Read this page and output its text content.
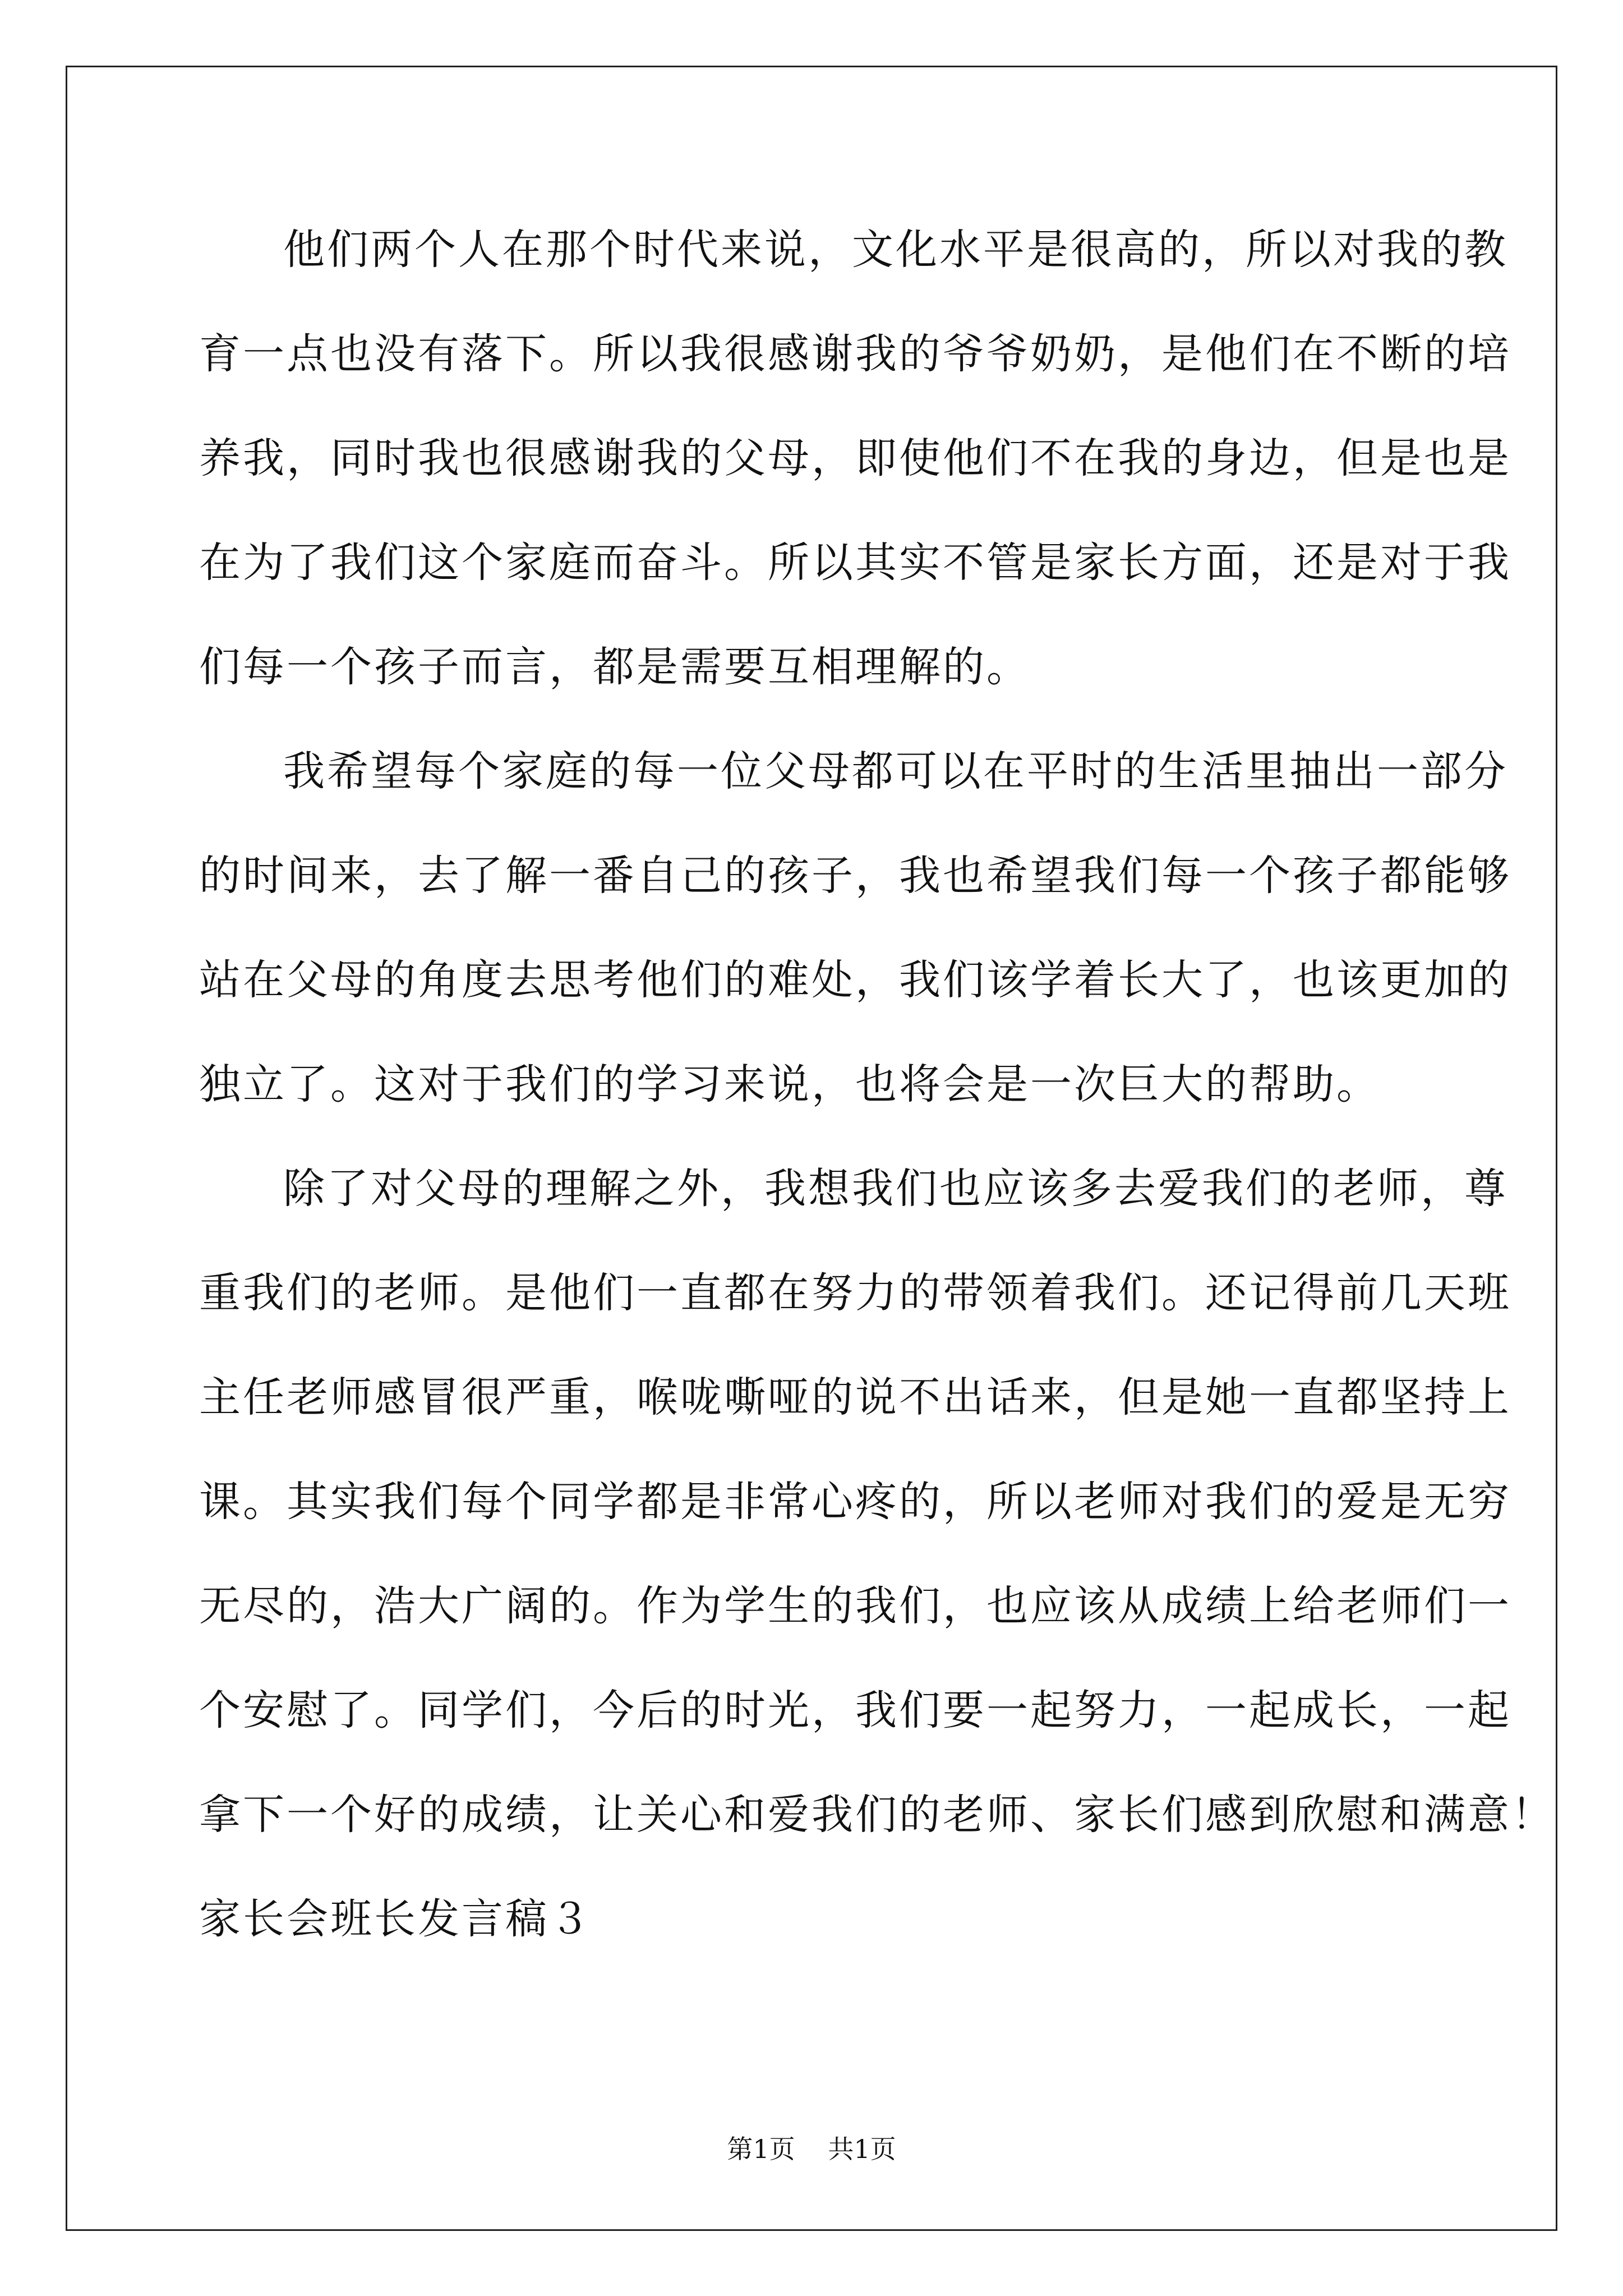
他们两个人在那个时代来说，文化水平是很高的，所以对我的教
育一点也没有落下。所以我很感谢我的爷爷奶奶，是他们在不断的培
养我，同时我也很感谢我的父母，即使他们不在我的身边，但是也是
在为了我们这个家庭而奋斗。所以其实不管是家长方面，还是对于我
们每一个孩子而言，都是需要互相理解的。
我希望每个家庭的每一位父母都可以在平时的生活里抽出一部分
的时间来，去了解一番自己的孩子，我也希望我们每一个孩子都能够
站在父母的角度去思考他们的难处，我们该学着长大了，也该更加的
独立了。这对于我们的学习来说，也将会是一次巨大的帮助。
除了对父母的理解之外，我想我们也应该多去爱我们的老师，尊
重我们的老师。是他们一直都在努力的带领着我们。还记得前几天班
主任老师感冒很严重，喉咙嘶哑的说不出话来，但是她一直都坚持上
课。其实我们每个同学都是非常心疼的，所以老师对我们的爱是无穷
无尽的，浩大广阔的。作为学生的我们，也应该从成绩上给老师们一
个安慰了。同学们，今后的时光，我们要一起努力，一起成长，一起
拿下一个好的成绩，让关心和爱我们的老师、家长们感到欣慰和满意！
家长会班长发言稿３
第1页 共1页
